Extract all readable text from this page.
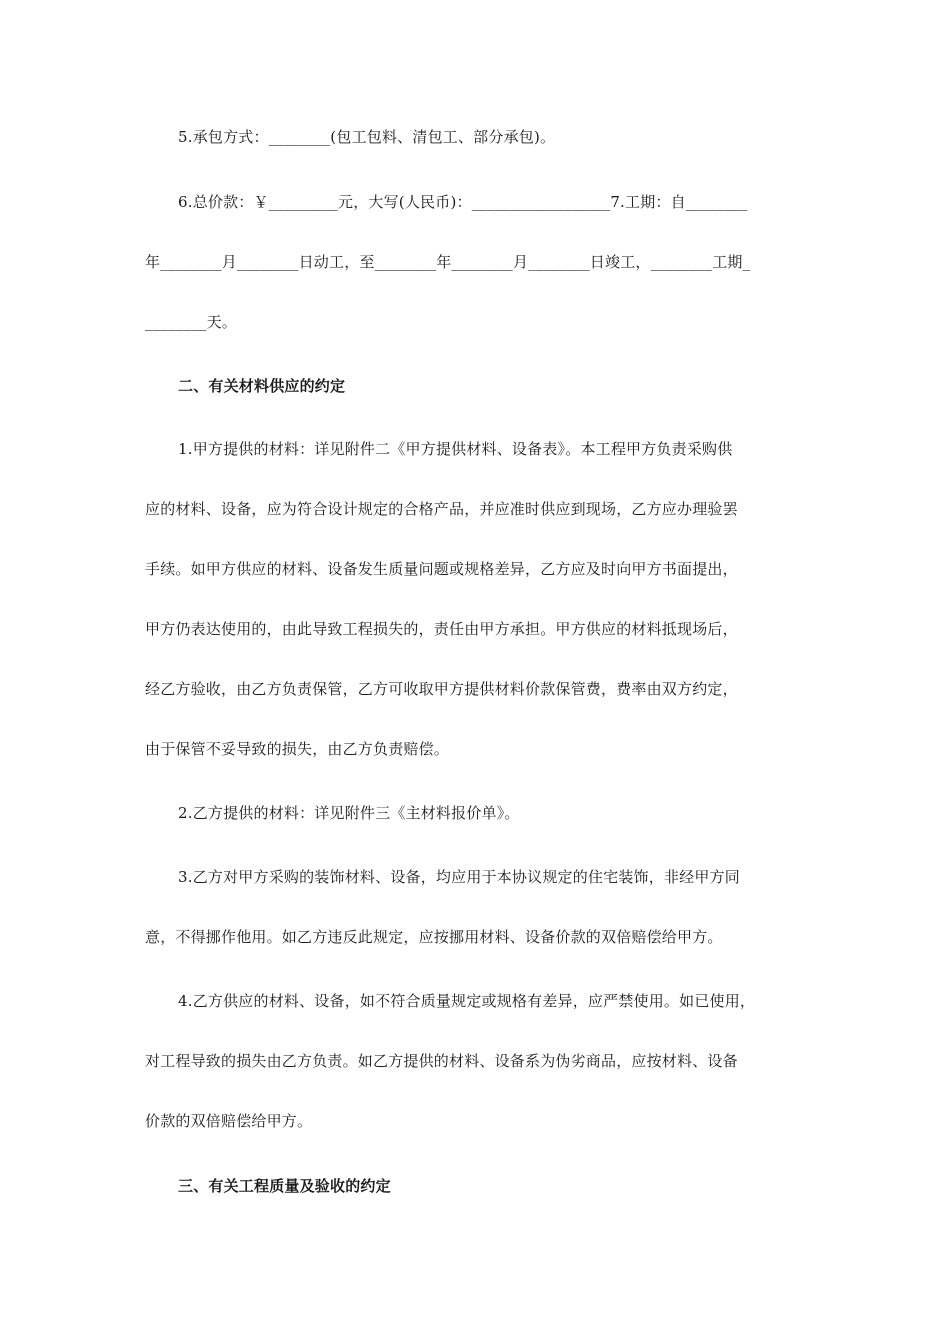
5.承包方式：________(包工包料、清包工、部分承包)。
6.总价款：￥_________元，大写(人民币)：__________________7.工期：自________
年________月________日动工，至________年________月________日竣工，________工期_
________天。
二、有关材料供应的约定
1.甲方提供的材料：详见附件二《甲方提供材料、设备表》。本工程甲方负责采购供
应的材料、设备，应为符合设计规定的合格产品，并应准时供应到现场，乙方应办理验罢
手续。如甲方供应的材料、设备发生质量问题或规格差异，乙方应及时向甲方书面提出，
甲方仍表达使用的，由此导致工程损失的，责任由甲方承担。甲方供应的材料抵现场后，
经乙方验收，由乙方负责保管，乙方可收取甲方提供材料价款保管费，费率由双方约定，
由于保管不妥导致的损失，由乙方负责赔偿。
2.乙方提供的材料：详见附件三《主材料报价单》。
3.乙方对甲方采购的装饰材料、设备，均应用于本协议规定的住宅装饰，非经甲方同
意，不得挪作他用。如乙方违反此规定，应按挪用材料、设备价款的双倍赔偿给甲方。
4.乙方供应的材料、设备，如不符合质量规定或规格有差异，应严禁使用。如已使用，
对工程导致的损失由乙方负责。如乙方提供的材料、设备系为伪劣商品，应按材料、设备
价款的双倍赔偿给甲方。
三、有关工程质量及验收的约定
